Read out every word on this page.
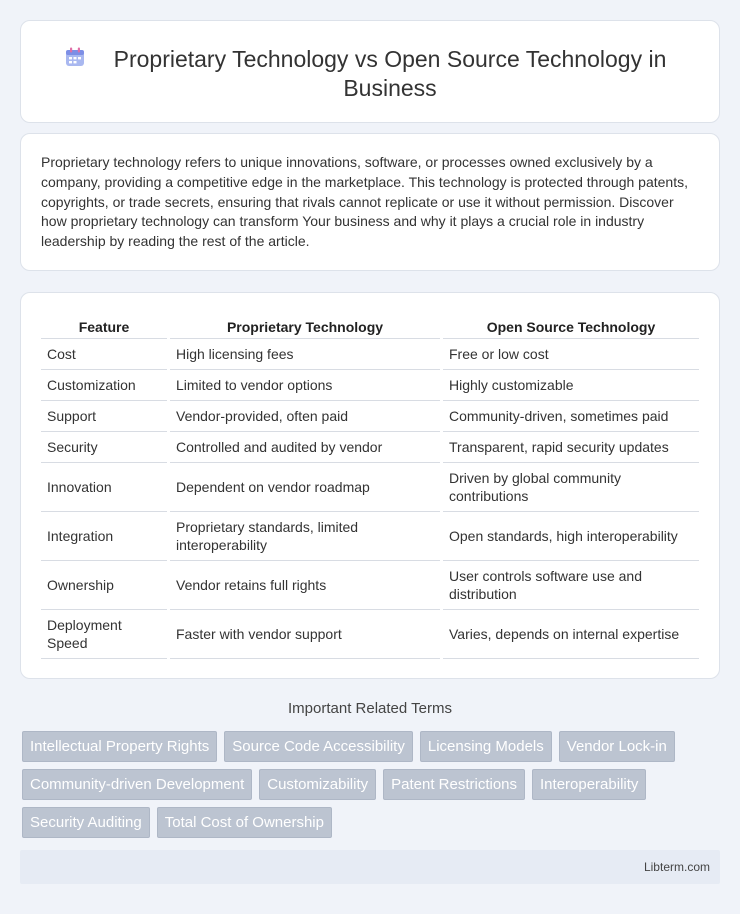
Proprietary Technology vs Open Source Technology in Business

Proprietary technology refers to unique innovations, software, or processes owned exclusively by a company, providing a competitive edge in the marketplace. This technology is protected through patents, copyrights, or trade secrets, ensuring that rivals cannot replicate or use it without permission. Discover how proprietary technology can transform Your business and why it plays a crucial role in industry leadership by reading the rest of the article.

Feature	Proprietary Technology	Open Source Technology
Cost	High licensing fees	Free or low cost
Customization	Limited to vendor options	Highly customizable
Support	Vendor-provided, often paid	Community-driven, sometimes paid
Security	Controlled and audited by vendor	Transparent, rapid security updates
Innovation	Dependent on vendor roadmap	Driven by global community contributions
Integration	Proprietary standards, limited interoperability	Open standards, high interoperability
Ownership	Vendor retains full rights	User controls software use and distribution
Deployment Speed	Faster with vendor support	Varies, depends on internal expertise
Important Related Terms
Intellectual Property Rights	Source Code Accessibility	Licensing Models	Vendor Lock-in
Community-driven Development	Customizability	Patent Restrictions	Interoperability
Security Auditing	Total Cost of Ownership
Libterm.com
